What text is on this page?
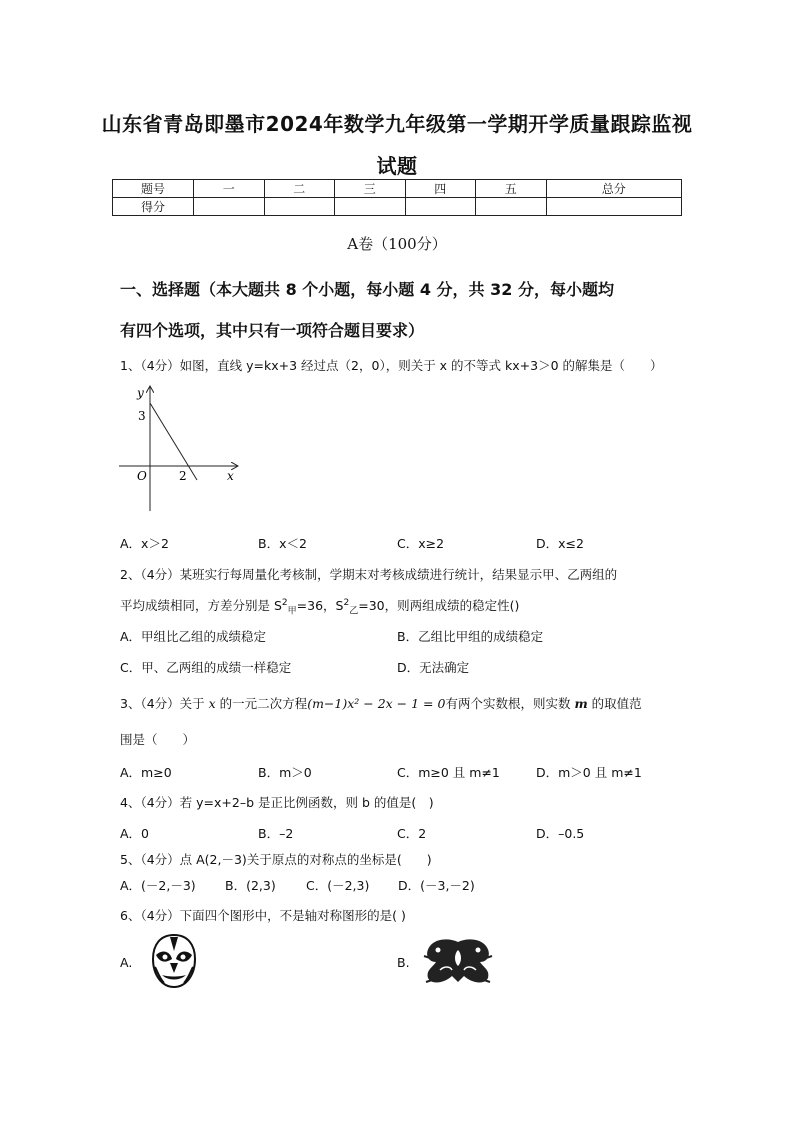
山东省青岛即墨市2024年数学九年级第一学期开学质量跟踪监视
试题
题号	一	二	三	四	五	总分
得分						
A卷（100分）
一、选择题（本大题共 8 个小题，每小题 4 分，共 32 分，每小题均
有四个选项，其中只有一项符合题目要求）
1、（4分）如图，直线 y=kx+3 经过点（2，0），则关于 x 的不等式 kx+3＞0 的解集是（　　）
y
x
O
3
2
A．x＞2	B．x＜2	C．x≥2	D．x≤2
2、（4分）某班实行每周量化考核制，学期末对考核成绩进行统计，结果显示甲、乙两组的
平均成绩相同，方差分别是 $S^2_甲=36$，$S^2_乙=30$，则两组成绩的稳定性()
A．甲组比乙组的成绩稳定	B．乙组比甲组的成绩稳定
C．甲、乙两组的成绩一样稳定	D．无法确定
3、（4分）关于 x 的一元二次方程(m−1)x² − 2x − 1 = 0有两个实数根，则实数 m 的取值范
围是（　　）
A．m≥0	B．m＞0	C．m≥0 且 m≠1	D．m＞0 且 m≠1
4、（4分）若 y=x+2–b 是正比例函数，则 b 的值是(　)
A．0	B．–2	C．2	D．–0.5
5、（4分）点 A(2,－3)关于原点的对称点的坐标是(　　)
A．(－2,－3) B．(2,3) C．(－2,3) D．(－3,－2)
6、（4分）下面四个图形中，不是轴对称图形的是( )
A.	B.
